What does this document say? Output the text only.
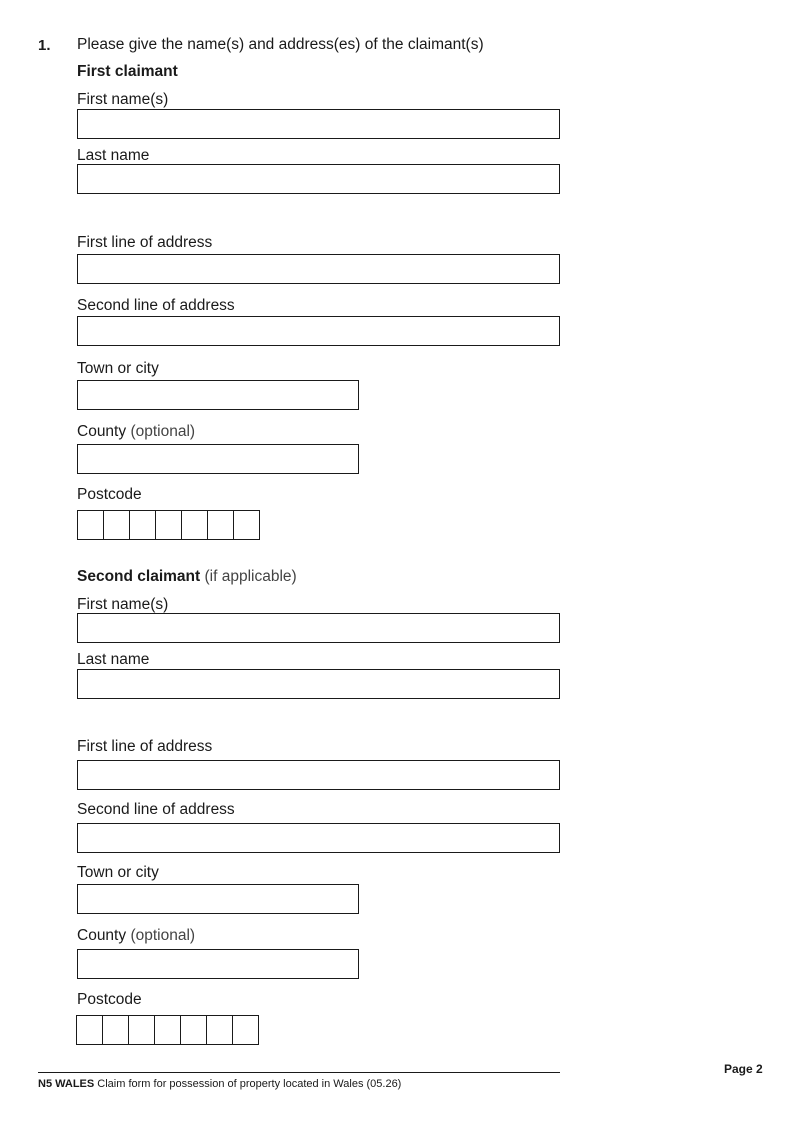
1. Please give the name(s) and address(es) of the claimant(s)
First claimant
First name(s)
Last name
First line of address
Second line of address
Town or city
County (optional)
Postcode
Second claimant (if applicable)
First name(s)
Last name
First line of address
Second line of address
Town or city
County (optional)
Postcode
N5 WALES Claim form for possession of property located in Wales (05.26)
Page 2
